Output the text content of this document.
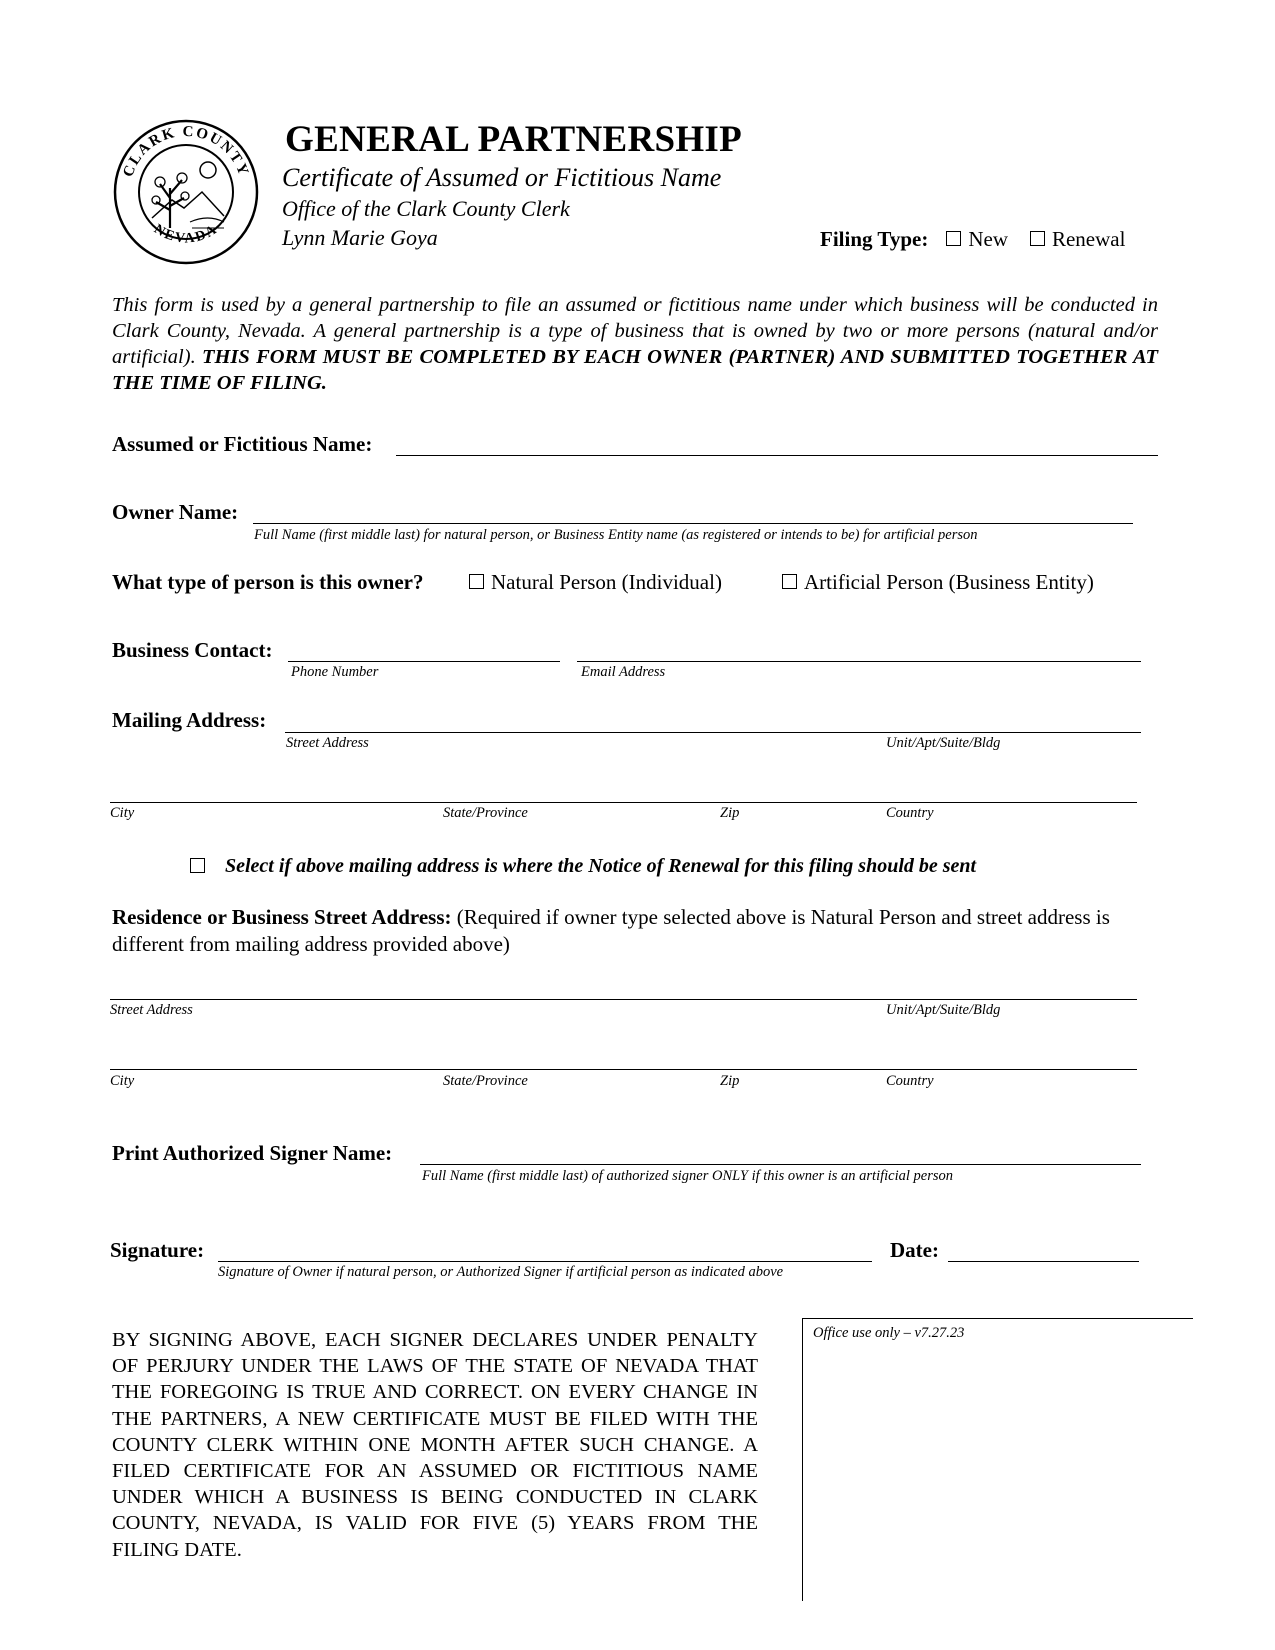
CLARK COUNTY
NEVADA
GENERAL PARTNERSHIP
Certificate of Assumed or Fictitious Name
Office of the Clark County Clerk
Lynn Marie Goya	Filing Type: New Renewal
This form is used by a general partnership to file an assumed or fictitious name under which business will be conducted in Clark County, Nevada. A general partnership is a type of business that is owned by two or more persons (natural and/or artificial). THIS FORM MUST BE COMPLETED BY EACH OWNER (PARTNER) AND SUBMITTED TOGETHER AT THE TIME OF FILING.
Assumed or Fictitious Name:
Owner Name:
Full Name (first middle last) for natural person, or Business Entity name (as registered or intends to be) for artificial person
What type of person is this owner?	Natural Person (Individual)	Artificial Person (Business Entity)
Business Contact:
Phone Number	Email Address
Mailing Address:
Street Address	Unit/Apt/Suite/Bldg
City	State/Province	Zip	Country
Select if above mailing address is where the Notice of Renewal for this filing should be sent
Residence or Business Street Address: (Required if owner type selected above is Natural Person and street address is different from mailing address provided above)
Street Address	Unit/Apt/Suite/Bldg
City	State/Province	Zip	Country
Print Authorized Signer Name:
Full Name (first middle last) of authorized signer ONLY if this owner is an artificial person
Signature:
Signature of Owner if natural person, or Authorized Signer if artificial person as indicated above
Date:
BY SIGNING ABOVE, EACH SIGNER DECLARES UNDER PENALTY OF PERJURY UNDER THE LAWS OF THE STATE OF NEVADA THAT THE FOREGOING IS TRUE AND CORRECT. ON EVERY CHANGE IN THE PARTNERS, A NEW CERTIFICATE MUST BE FILED WITH THE COUNTY CLERK WITHIN ONE MONTH AFTER SUCH CHANGE. A FILED CERTIFICATE FOR AN ASSUMED OR FICTITIOUS NAME UNDER WHICH A BUSINESS IS BEING CONDUCTED IN CLARK COUNTY, NEVADA, IS VALID FOR FIVE (5) YEARS FROM THE FILING DATE.
Office use only – v7.27.23
